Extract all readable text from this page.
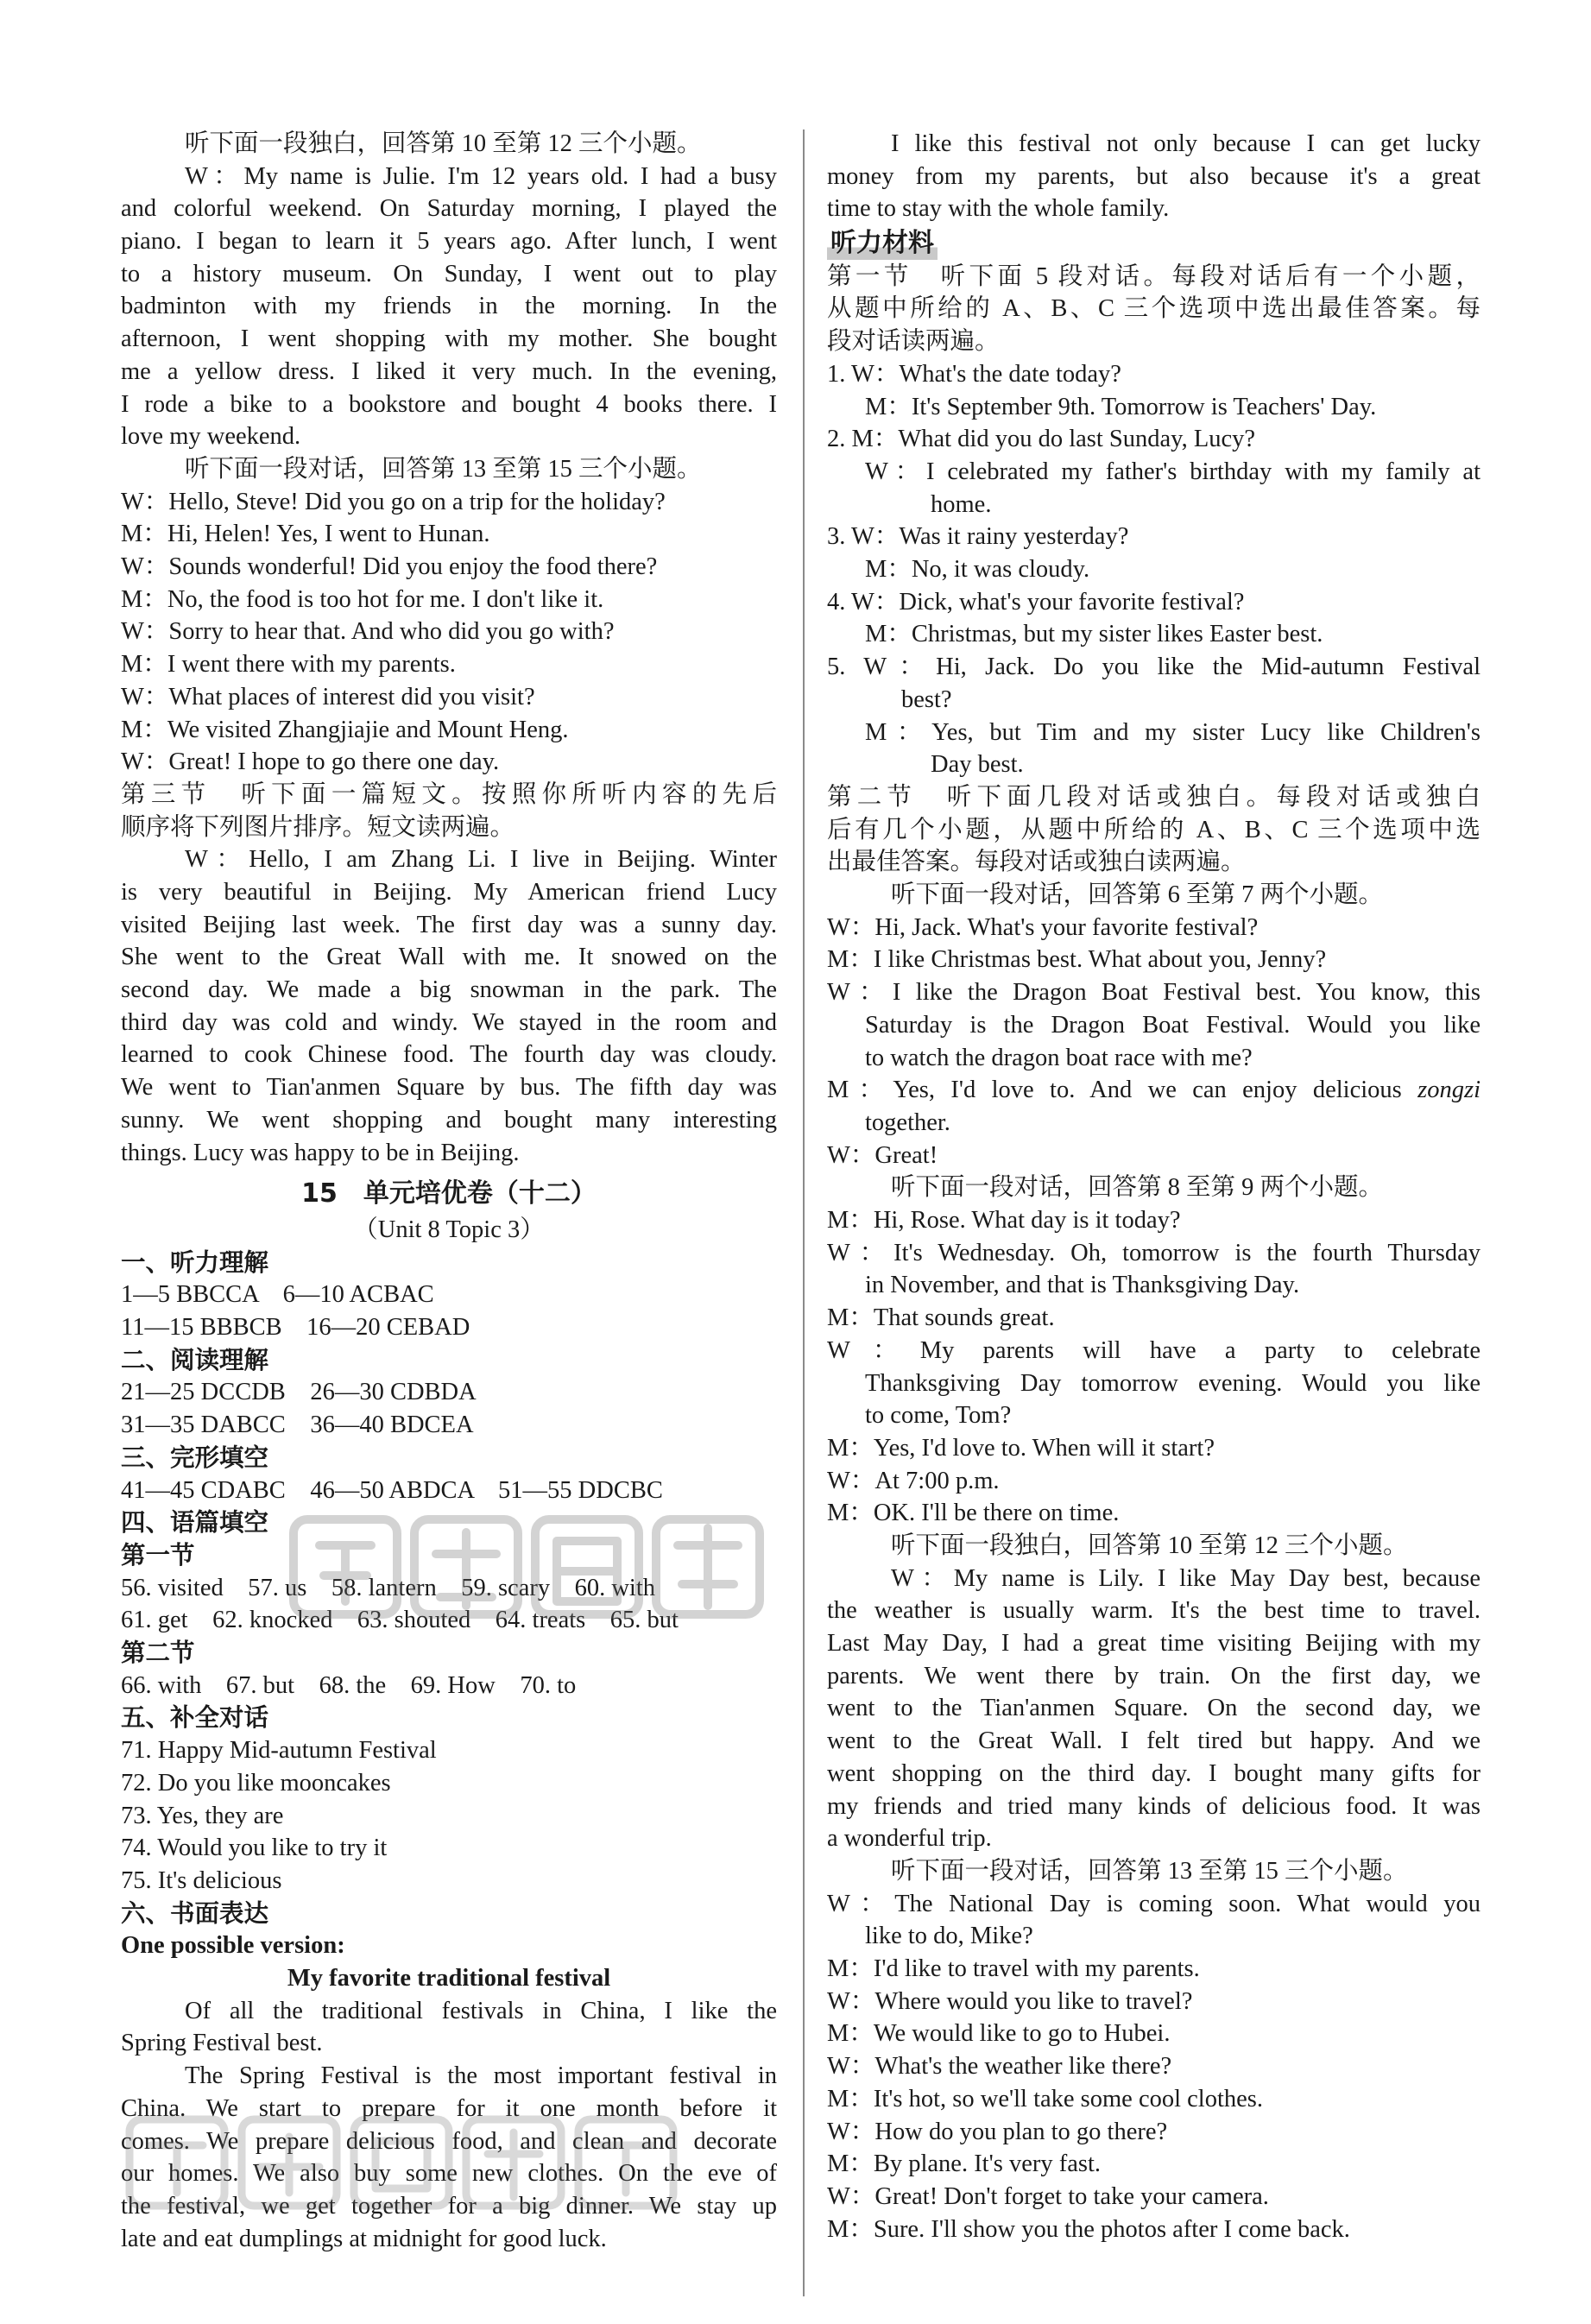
听下面一段独白，回答第 10 至第 12 三个小题。
W：My name is Julie. I'm 12 years old. I had a busy
and colorful weekend. On Saturday morning, I played the
piano. I began to learn it 5 years ago. After lunch, I went
to a history museum. On Sunday, I went out to play
badminton with my friends in the morning. In the
afternoon, I went shopping with my mother. She bought
me a yellow dress. I liked it very much. In the evening,
I rode a bike to a bookstore and bought 4 books there. I
love my weekend.
听下面一段对话，回答第 13 至第 15 三个小题。
W：Hello, Steve! Did you go on a trip for the holiday?
M：Hi, Helen! Yes, I went to Hunan.
W：Sounds wonderful! Did you enjoy the food there?
M：No, the food is too hot for me. I don't like it.
W：Sorry to hear that. And who did you go with?
M：I went there with my parents.
W：What places of interest did you visit?
M：We visited Zhangjiajie and Mount Heng.
W：Great! I hope to go there one day.
第三节　听下面一篇短文。按照你所听内容的先后
顺序将下列图片排序。短文读两遍。
W：Hello, I am Zhang Li. I live in Beijing. Winter
is very beautiful in Beijing. My American friend Lucy
visited Beijing last week. The first day was a sunny day.
She went to the Great Wall with me. It snowed on the
second day. We made a big snowman in the park. The
third day was cold and windy. We stayed in the room and
learned to cook Chinese food. The fourth day was cloudy.
We went to Tian'anmen Square by bus. The fifth day was
sunny. We went shopping and bought many interesting
things. Lucy was happy to be in Beijing.
15　单元培优卷（十二）
（Unit 8 Topic 3）
一、听力理解
1—5 BBCCA　6—10 ACBAC
11—15 BBBCB　16—20 CEBAD
二、阅读理解
21—25 DCCDB　26—30 CDBDA
31—35 DABCC　36—40 BDCEA
三、完形填空
41—45 CDABC　46—50 ABDCA　51—55 DDCBC
四、语篇填空
第一节
56. visited　57. us　58. lantern　59. scary　60. with
61. get　62. knocked　63. shouted　64. treats　65. but
第二节
66. with　67. but　68. the　69. How　70. to
五、补全对话
71. Happy Mid-autumn Festival
72. Do you like mooncakes
73. Yes, they are
74. Would you like to try it
75. It's delicious
六、书面表达
One possible version:
My favorite traditional festival
Of all the traditional festivals in China, I like the
Spring Festival best.
The Spring Festival is the most important festival in
China. We start to prepare for it one month before it
comes. We prepare delicious food, and clean and decorate
our homes. We also buy some new clothes. On the eve of
the festival, we get together for a big dinner. We stay up
late and eat dumplings at midnight for good luck.
I like this festival not only because I can get lucky
money from my parents, but also because it's a great
time to stay with the whole family.
听力材料
第一节　听下面 5 段对话。每段对话后有一个小题，
从题中所给的 A、B、C 三个选项中选出最佳答案。每
段对话读两遍。
1. W：What's the date today?
M：It's September 9th. Tomorrow is Teachers' Day.
2. M：What did you do last Sunday, Lucy?
W：I celebrated my father's birthday with my family at
home.
3. W：Was it rainy yesterday?
M：No, it was cloudy.
4. W：Dick, what's your favorite festival?
M：Christmas, but my sister likes Easter best.
5. W：Hi, Jack. Do you like the Mid-autumn Festival
best?
M：Yes, but Tim and my sister Lucy like Children's
Day best.
第二节　听下面几段对话或独白。每段对话或独白
后有几个小题，从题中所给的 A、B、C 三个选项中选
出最佳答案。每段对话或独白读两遍。
听下面一段对话，回答第 6 至第 7 两个小题。
W：Hi, Jack. What's your favorite festival?
M：I like Christmas best. What about you, Jenny?
W：I like the Dragon Boat Festival best. You know, this
Saturday is the Dragon Boat Festival. Would you like
to watch the dragon boat race with me?
M：Yes, I'd love to. And we can enjoy delicious zongzi
together.
W：Great!
听下面一段对话，回答第 8 至第 9 两个小题。
M：Hi, Rose. What day is it today?
W：It's Wednesday. Oh, tomorrow is the fourth Thursday
in November, and that is Thanksgiving Day.
M：That sounds great.
W：My parents will have a party to celebrate
Thanksgiving Day tomorrow evening. Would you like
to come, Tom?
M：Yes, I'd love to. When will it start?
W：At 7:00 p.m.
M：OK. I'll be there on time.
听下面一段独白，回答第 10 至第 12 三个小题。
W：My name is Lily. I like May Day best, because
the weather is usually warm. It's the best time to travel.
Last May Day, I had a great time visiting Beijing with my
parents. We went there by train. On the first day, we
went to the Tian'anmen Square. On the second day, we
went to the Great Wall. I felt tired but happy. And we
went shopping on the third day. I bought many gifts for
my friends and tried many kinds of delicious food. It was
a wonderful trip.
听下面一段对话，回答第 13 至第 15 三个小题。
W：The National Day is coming soon. What would you
like to do, Mike?
M：I'd like to travel with my parents.
W：Where would you like to travel?
M：We would like to go to Hubei.
W：What's the weather like there?
M：It's hot, so we'll take some cool clothes.
W：How do you plan to go there?
M：By plane. It's very fast.
W：Great! Don't forget to take your camera.
M：Sure. I'll show you the photos after I come back.
